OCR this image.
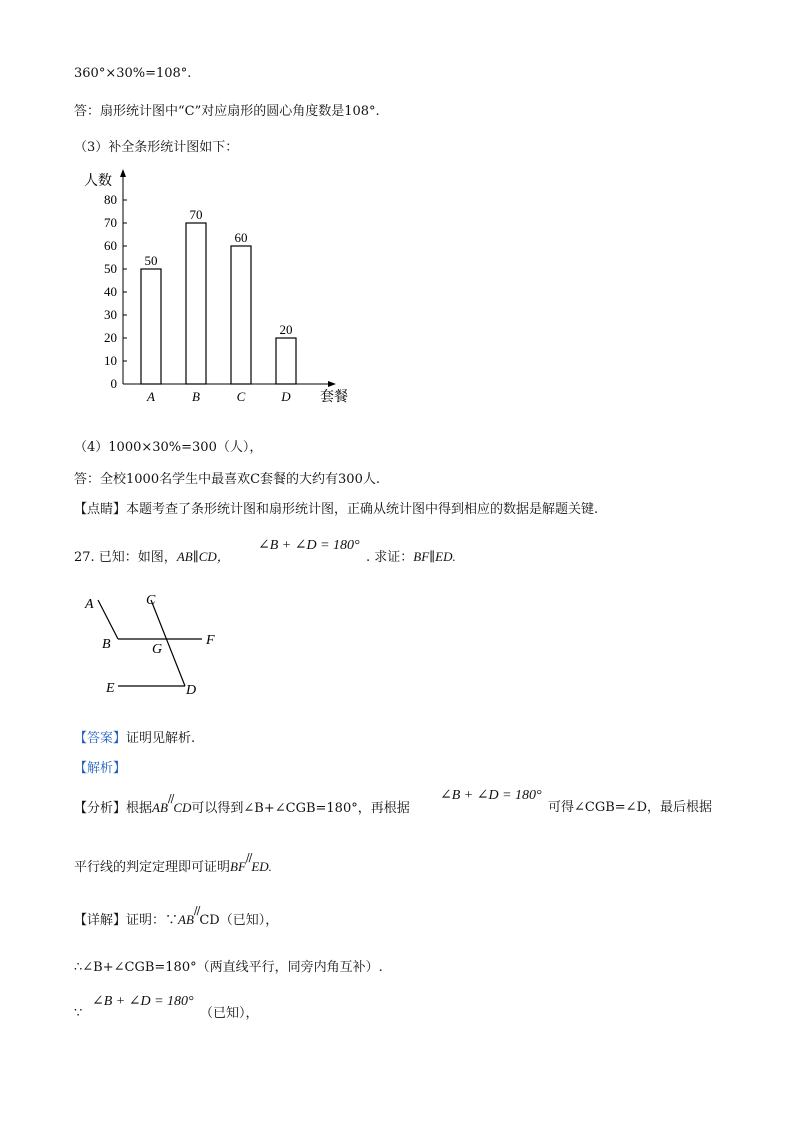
360°×30%=108°.
答：扇形统计图中“C”对应扇形的圆心角度数是108°.
（3）补全条形统计图如下：
人数
套餐
0
10
20
30
40
50
60
70
80
50
A
70
B
60
C
20
D
（4）1000×30%=300（人），
答：全校1000名学生中最喜欢C套餐的大约有300人.
【点睛】本题考查了条形统计图和扇形统计图，正确从统计图中得到相应的数据是解题关键.
27. 已知：如图，AB∥CD，
∠B + ∠D = 180°
. 求证：BF∥ED.
A	C
B	G
F
E	D
【答案】证明见解析.
【解析】
【分析】根据AB//CD可以得到∠B+∠CGB=180°，再根据
∠B + ∠D = 180°
可得∠CGB=∠D，最后根据
平行线的判定定理即可证明BF//ED.
【详解】证明：∵AB//CD（已知），
∴∠B+∠CGB=180°（两直线平行，同旁内角互补）.
∵
∠B + ∠D = 180°
（已知），
